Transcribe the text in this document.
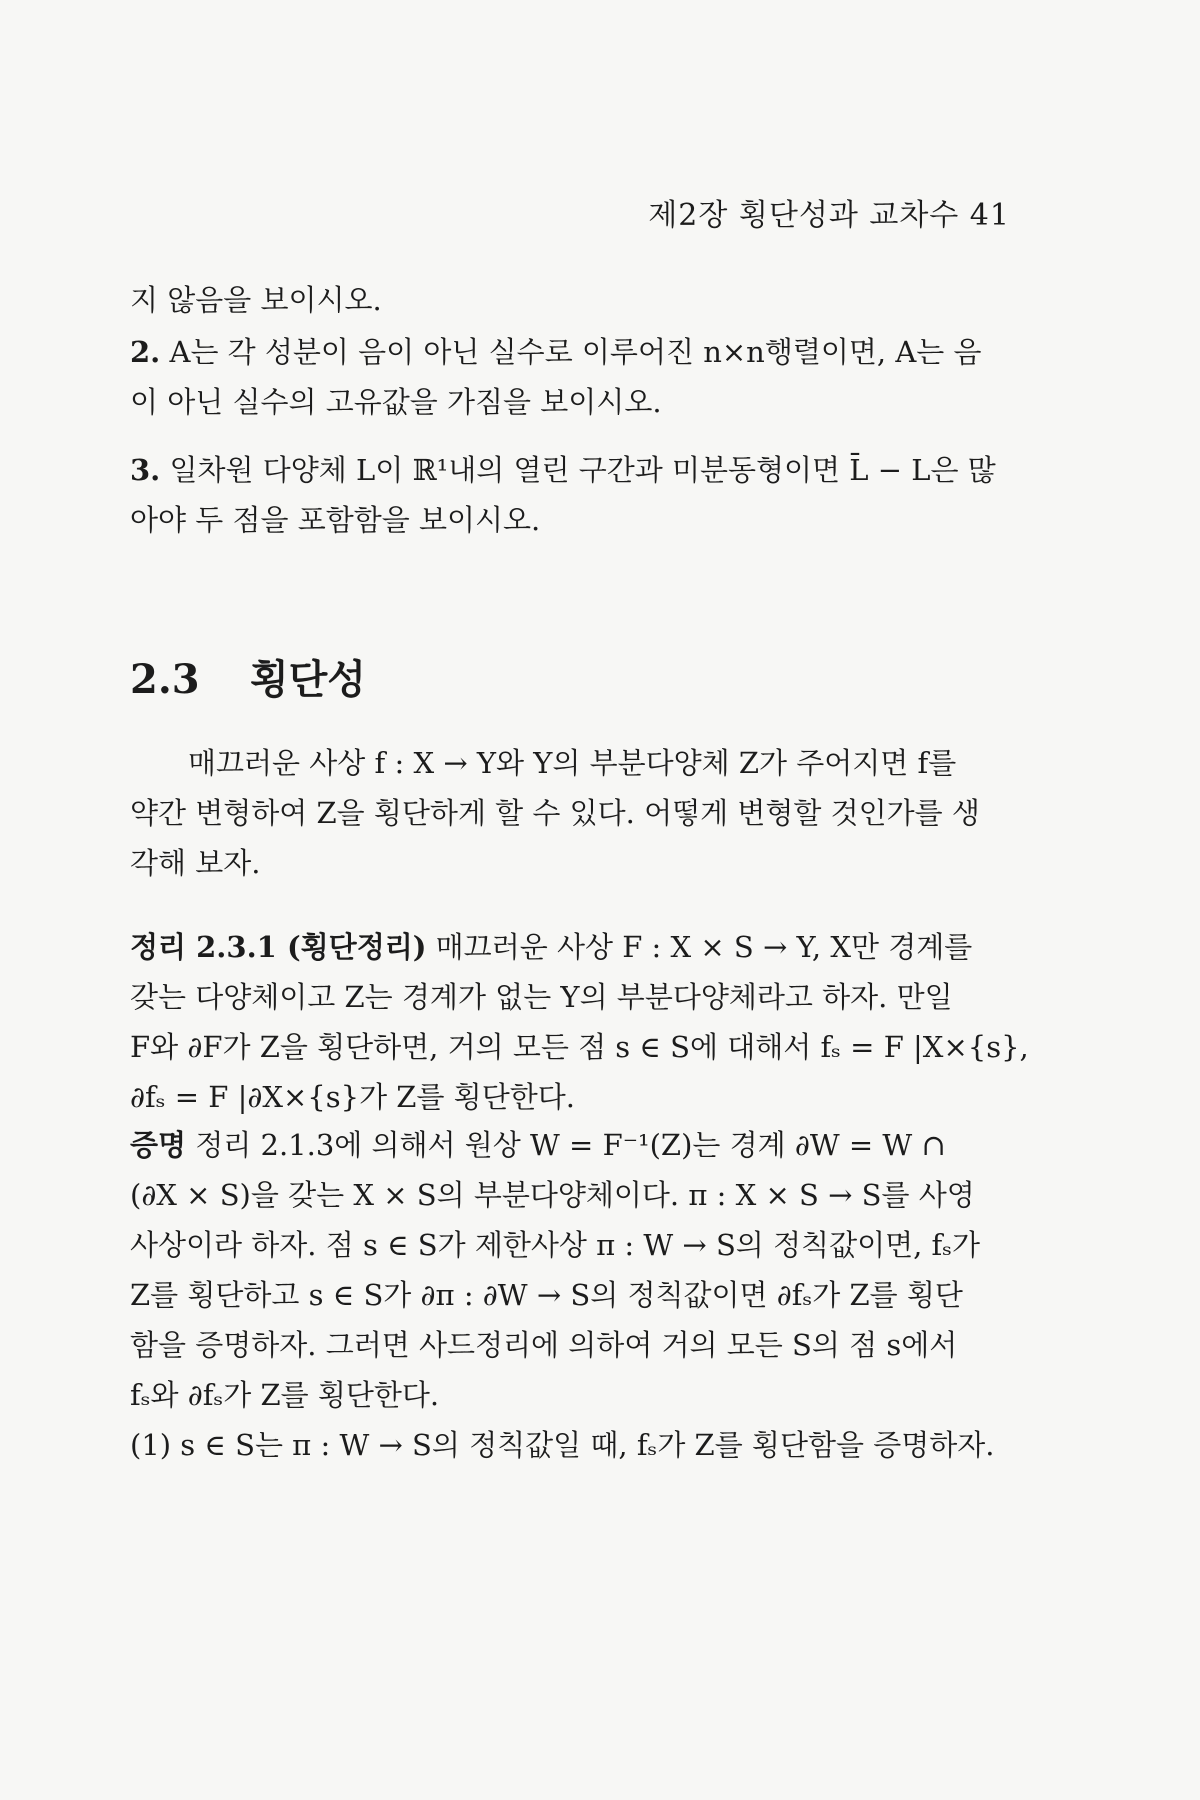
제2장 횡단성과 교차수 41
지 않음을 보이시오.
2. A는 각 성분이 음이 아닌 실수로 이루어진 n×n행렬이면, A는 음
이 아닌 실수의 고유값을 가짐을 보이시오.
3. 일차원 다양체 L이 ℝ¹내의 열린 구간과 미분동형이면 L̄ − L은 많
아야 두 점을 포함함을 보이시오.
2.3 횡단성
매끄러운 사상 f : X → Y와 Y의 부분다양체 Z가 주어지면 f를
약간 변형하여 Z을 횡단하게 할 수 있다. 어떻게 변형할 것인가를 생
각해 보자.
정리 2.3.1 (횡단정리) 매끄러운 사상 F : X × S → Y, X만 경계를
갖는 다양체이고 Z는 경계가 없는 Y의 부분다양체라고 하자. 만일
F와 ∂F가 Z을 횡단하면, 거의 모든 점 s ∈ S에 대해서 fₛ = F |X×{s},
∂fₛ = F |∂X×{s}가 Z를 횡단한다.
증명 정리 2.1.3에 의해서 원상 W = F⁻¹(Z)는 경계 ∂W = W ∩
(∂X × S)을 갖는 X × S의 부분다양체이다. π : X × S → S를 사영
사상이라 하자. 점 s ∈ S가 제한사상 π : W → S의 정칙값이면, fₛ가
Z를 횡단하고 s ∈ S가 ∂π : ∂W → S의 정칙값이면 ∂fₛ가 Z를 횡단
함을 증명하자. 그러면 사드정리에 의하여 거의 모든 S의 점 s에서
fₛ와 ∂fₛ가 Z를 횡단한다.
(1) s ∈ S는 π : W → S의 정칙값일 때, fₛ가 Z를 횡단함을 증명하자.
